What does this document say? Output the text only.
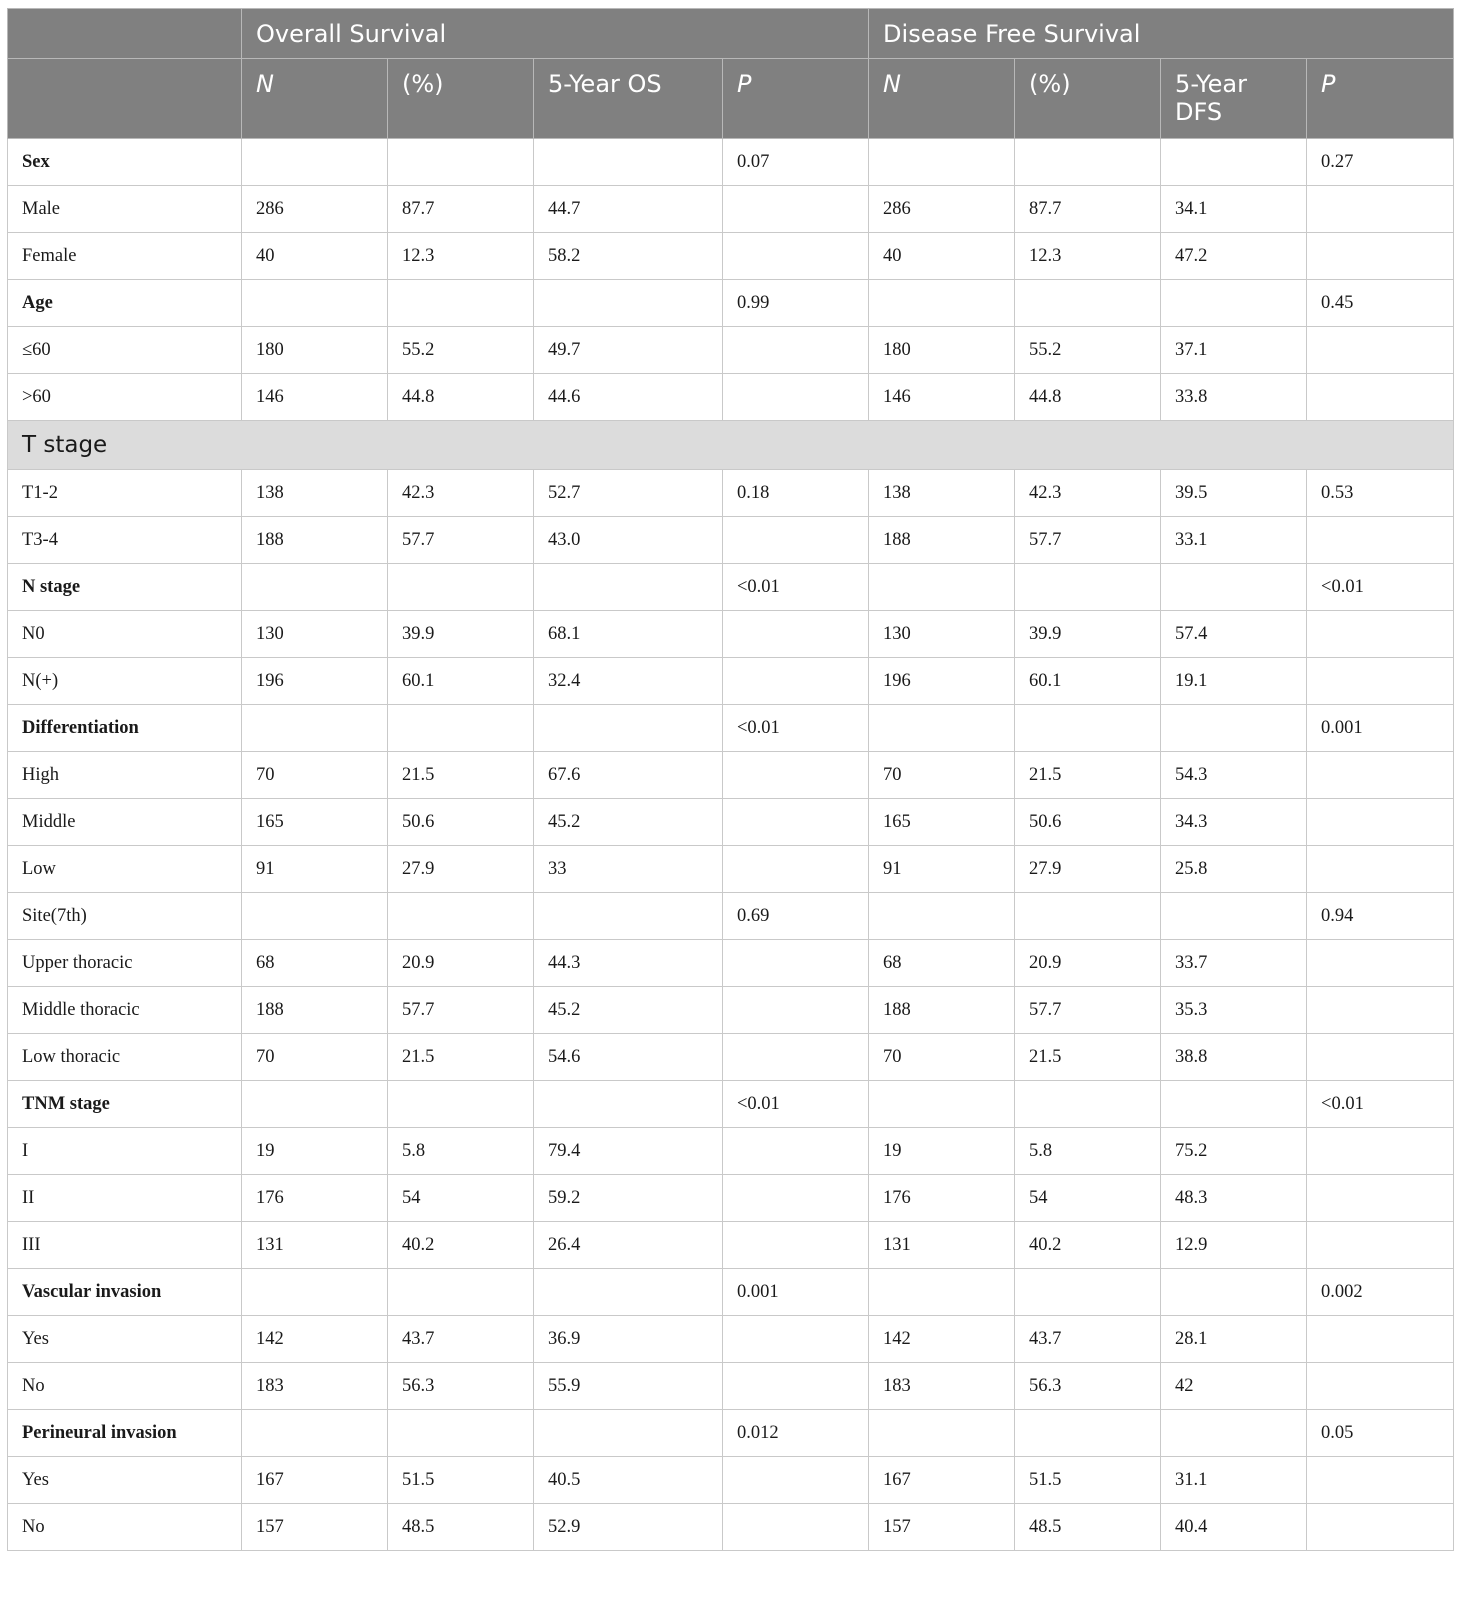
	Overall Survival				Disease Free Survival			
	N	(%)	5-Year OS	P	N	(%)	5-Year DFS	P
Sex				0.07				0.27
Male	286	87.7	44.7		286	87.7	34.1	
Female	40	12.3	58.2		40	12.3	47.2	
Age				0.99				0.45
≤60	180	55.2	49.7		180	55.2	37.1	
>60	146	44.8	44.6		146	44.8	33.8	
T stage								
T1-2	138	42.3	52.7	0.18	138	42.3	39.5	0.53
T3-4	188	57.7	43.0		188	57.7	33.1	
N stage				<0.01				<0.01
N0	130	39.9	68.1		130	39.9	57.4	
N(+)	196	60.1	32.4		196	60.1	19.1	
Differentiation				<0.01				0.001
High	70	21.5	67.6		70	21.5	54.3	
Middle	165	50.6	45.2		165	50.6	34.3	
Low	91	27.9	33		91	27.9	25.8	
Site(7th)				0.69				0.94
Upper thoracic	68	20.9	44.3		68	20.9	33.7	
Middle thoracic	188	57.7	45.2		188	57.7	35.3	
Low thoracic	70	21.5	54.6		70	21.5	38.8	
TNM stage				<0.01				<0.01
I	19	5.8	79.4		19	5.8	75.2	
II	176	54	59.2		176	54	48.3	
III	131	40.2	26.4		131	40.2	12.9	
Vascular invasion				0.001				0.002
Yes	142	43.7	36.9		142	43.7	28.1	
No	183	56.3	55.9		183	56.3	42	
Perineural invasion				0.012				0.05
Yes	167	51.5	40.5		167	51.5	31.1	
No	157	48.5	52.9		157	48.5	40.4	
